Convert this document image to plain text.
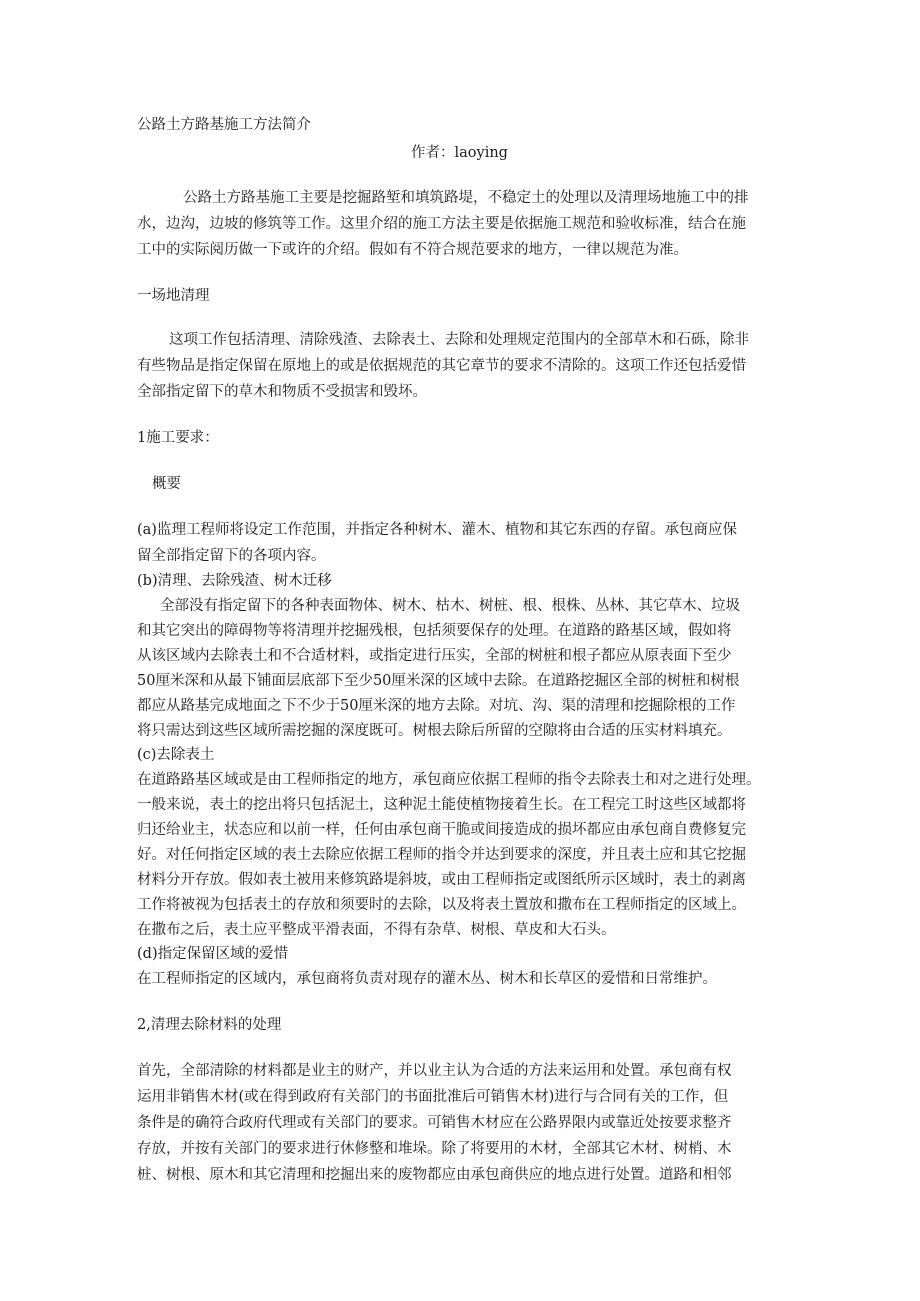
公路土方路基施工方法简介
作者：laoying
公路土方路基施工主要是挖掘路堑和填筑路堤，不稳定土的处理以及清理场地施工中的排
水，边沟，边坡的修筑等工作。这里介绍的施工方法主要是依据施工规范和验收标准，结合在施
工中的实际阅历做一下或许的介绍。假如有不符合规范要求的地方，一律以规范为准。
一场地清理
这项工作包括清理、清除残渣、去除表土、去除和处理规定范围内的全部草木和石砾，除非
有些物品是指定保留在原地上的或是依据规范的其它章节的要求不清除的。这项工作还包括爱惜
全部指定留下的草木和物质不受损害和毁坏。
1施工要求：
概要
(a)监理工程师将设定工作范围，并指定各种树木、灌木、植物和其它东西的存留。承包商应保
留全部指定留下的各项内容。
(b)清理、去除残渣、树木迁移
全部没有指定留下的各种表面物体、树木、枯木、树桩、根、根株、丛林、其它草木、垃圾
和其它突出的障碍物等将清理并挖掘残根，包括须要保存的处理。在道路的路基区域，假如将
从该区域内去除表土和不合适材料，或指定进行压实，全部的树桩和根子都应从原表面下至少
50厘米深和从最下铺面层底部下至少50厘米深的区域中去除。在道路挖掘区全部的树桩和树根
都应从路基完成地面之下不少于50厘米深的地方去除。对坑、沟、渠的清理和挖掘除根的工作
将只需达到这些区域所需挖掘的深度既可。树根去除后所留的空隙将由合适的压实材料填充。
(c)去除表土
在道路路基区域或是由工程师指定的地方，承包商应依据工程师的指令去除表土和对之进行处理。
一般来说，表土的挖出将只包括泥土，这种泥土能使植物接着生长。在工程完工时这些区域都将
归还给业主，状态应和以前一样，任何由承包商干脆或间接造成的损坏都应由承包商自费修复完
好。对任何指定区域的表土去除应依据工程师的指令并达到要求的深度，并且表土应和其它挖掘
材料分开存放。假如表土被用来修筑路堤斜坡，或由工程师指定或图纸所示区域时，表土的剥离
工作将被视为包括表土的存放和须要时的去除，以及将表土置放和撒布在工程师指定的区域上。
在撒布之后，表土应平整成平滑表面，不得有杂草、树根、草皮和大石头。
(d)指定保留区域的爱惜
在工程师指定的区域内，承包商将负责对现存的灌木丛、树木和长草区的爱惜和日常维护。
2,清理去除材料的处理
首先，全部清除的材料都是业主的财产，并以业主认为合适的方法来运用和处置。承包商有权
运用非销售木材(或在得到政府有关部门的书面批准后可销售木材)进行与合同有关的工作，但
条件是的确符合政府代理或有关部门的要求。可销售木材应在公路界限内或靠近处按要求整齐
存放，并按有关部门的要求进行休修整和堆垛。除了将要用的木材，全部其它木材、树梢、木
桩、树根、原木和其它清理和挖掘出来的废物都应由承包商供应的地点进行处置。道路和相邻
